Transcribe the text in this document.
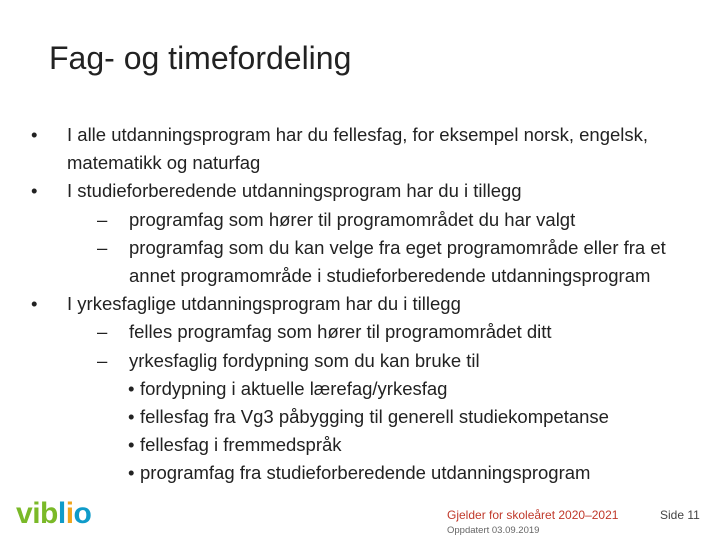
Fag- og timefordeling
• I alle utdanningsprogram har du fellesfag, for eksempel norsk, engelsk,
matematikk og naturfag
• I studieforberedende utdanningsprogram har du i tillegg
– programfag som hører til programområdet du har valgt
– programfag som du kan velge fra eget programområde eller fra et
annet programområde i studieforberedende utdanningsprogram
• I yrkesfaglige utdanningsprogram har du i tillegg
– felles programfag som hører til programområdet ditt
– yrkesfaglig fordypning som du kan bruke til
• fordypning i aktuelle lærefag/yrkesfag
• fellesfag fra Vg3 påbygging til generell studiekompetanse
• fellesfag i fremmedspråk
• programfag fra studieforberedende utdanningsprogram
viblio	Gjelder for skoleåret 2020–2021
Oppdatert 03.09.2019
Side 11
